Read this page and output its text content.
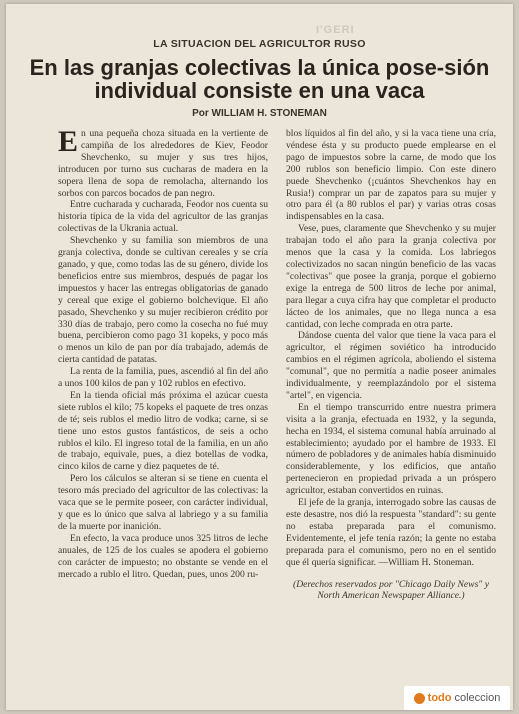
I'GERI
LA SITUACION DEL AGRICULTOR RUSO
En las granjas colectivas la única pose-sión individual consiste en una vaca
Por WILLIAM H. STONEMAN

En una pequeña choza situada en la vertiente de campiña de los alrededores de Kiev, Feodor Shevchenko, su mujer y sus tres hijos, introducen por turno sus cucharas de madera en la sopera llena de sopa de remolacha, alternando los sorbos con parcos bocados de pan negro.

Entre cucharada y cucharada, Feodor nos cuenta su historia típica de la vida del agricultor de las granjas colectivas de la Ukrania actual.

Shevchenko y su familia son miembros de una granja colectiva, donde se cultivan cereales y se cría ganado, y que, como todas las de su género, divide los beneficios entre sus miembros, después de pagar los impuestos y hacer las entregas obligatorias de ganado y cereal que exige el gobierno bolchevique. El año pasado, Shevchenko y su mujer recibieron crédito por 330 días de trabajo, pero como la cosecha no fué muy buena, percibieron como pago 31 kopeks, y poco más o menos un kilo de pan por día trabajado, además de cierta cantidad de patatas.

La renta de la familia, pues, ascendió al fin del año a unos 100 kilos de pan y 102 rublos en efectivo.

En la tienda oficial más próxima el azúcar cuesta siete rublos el kilo; 75 kopeks el paquete de tres onzas de té; seis rublos el medio litro de vodka; carne, si se tiene uno estos gustos fantásticos, de seis a ocho rublos el kilo. El ingreso total de la familia, en un año de trabajo, equivale, pues, a diez botellas de vodka, cinco kilos de carne y diez paquetes de té.

Pero los cálculos se alteran si se tiene en cuenta el tesoro más preciado del agricultor de las colectivas: la vaca que se le permite poseer, con carácter individual, y que es lo único que salva al labriego y a su familia de la muerte por inanición.

En efecto, la vaca produce unos 325 litros de leche anuales, de 125 de los cuales se apodera el gobierno con carácter de impuesto; no obstante se vende en el mercado a rublo el litro. Quedan, pues, unos 200 ru-

blos líquidos al fin del año, y si la vaca tiene una cría, véndese ésta y su producto puede emplearse en el pago de impuestos sobre la carne, de modo que los 200 rublos son beneficio limpio. Con este dinero puede Shevchenko (¡cuántos Shevchenkos hay en Rusia!) comprar un par de zapatos para su mujer y otro para él (a 80 rublos el par) y varias otras cosas indispensables en la casa.

Vese, pues, claramente que Shevchenko y su mujer trabajan todo el año para la granja colectiva por menos que la casa y la comida. Los labriegos colectivizados no sacan ningún beneficio de las vacas "colectivas" que posee la granja, porque el gobierno exige la entrega de 500 litros de leche por animal, para llegar a cuya cifra hay que completar el producto lácteo de los animales, que no llega nunca a esa cantidad, con leche comprada en otra parte.

Dándose cuenta del valor que tiene la vaca para el agricultor, el régimen soviético ha introducido cambios en el régimen agrícola, aboliendo el sistema "comunal", que no permitía a nadie poseer animales individualmente, y reemplazándolo por el sistema "artel", en vigencia.

En el tiempo transcurrido entre nuestra primera visita a la granja, efectuada en 1932, y la segunda, hecha en 1934, el sistema comunal había arruinado al establecimiento; ayudado por el hambre de 1933. El número de pobladores y de animales había disminuido considerablemente, y los edificios, que antaño pertenecieron en propiedad privada a un próspero agricultor, estaban convertidos en ruinas.

El jefe de la granja, interrogado sobre las causas de este desastre, nos dió la respuesta "standard": su gente no estaba preparada para el comunismo. Evidentemente, el jefe tenía razón; la gente no estaba preparada para el comunismo, pero no en el sentido que él quería significar. —William H. Stoneman.

(Derechos reservados por "Chicago Daily News" y North American Newspaper Alliance.)

todo coleccion
